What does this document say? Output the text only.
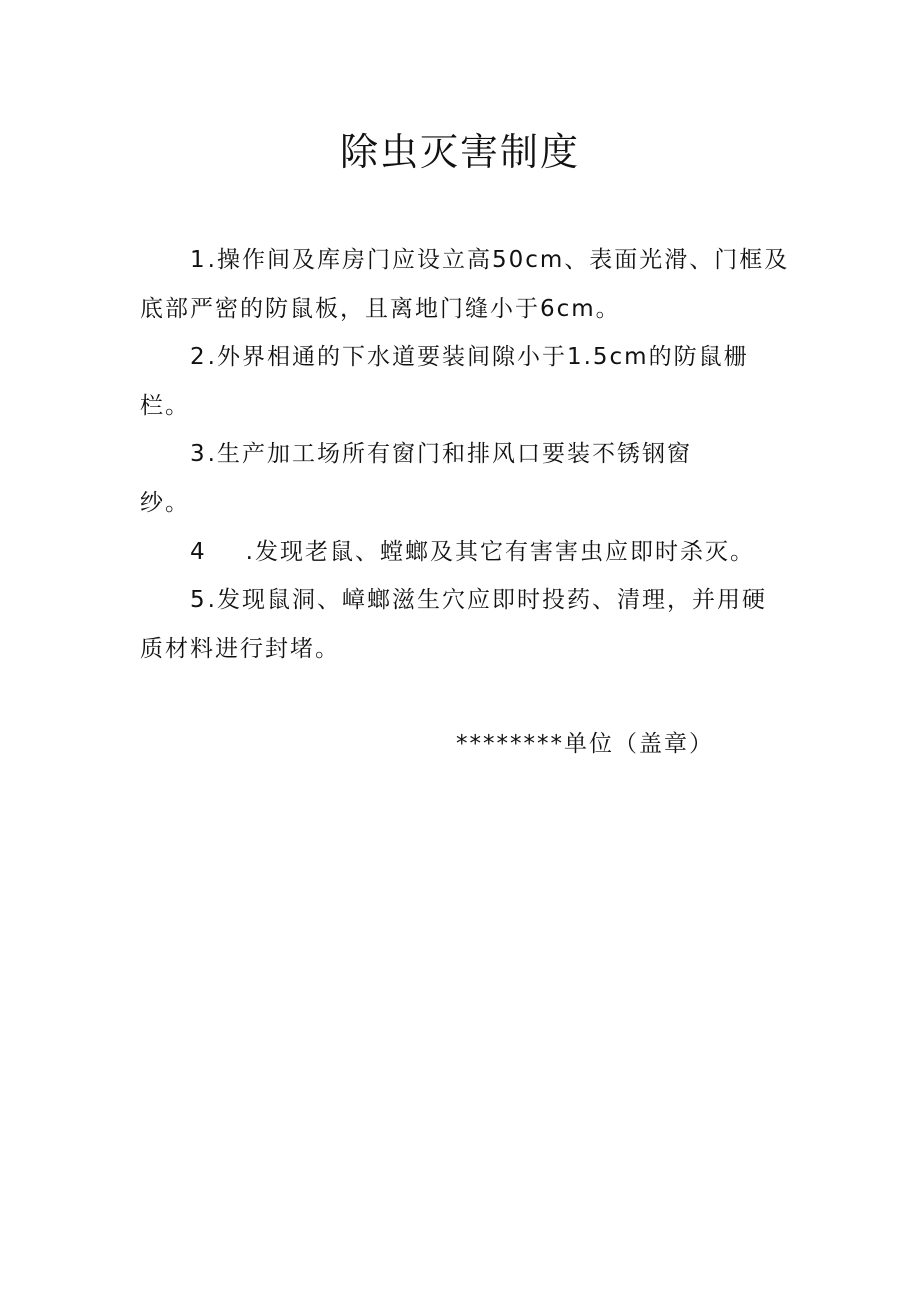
除虫灭害制度

1.操作间及库房门应设立高50cm、表面光滑、门框及底部严密的防鼠板，且离地门缝小于6cm。

2.外界相通的下水道要装间隙小于1.5cm的防鼠栅栏。

3.生产加工场所有窗门和排风口要装不锈钢窗纱。

4 .发现老鼠、螳螂及其它有害害虫应即时杀灭。

5.发现鼠洞、嶂螂滋生穴应即时投药、清理，并用硬质材料进行封堵。

********单位（盖章）
